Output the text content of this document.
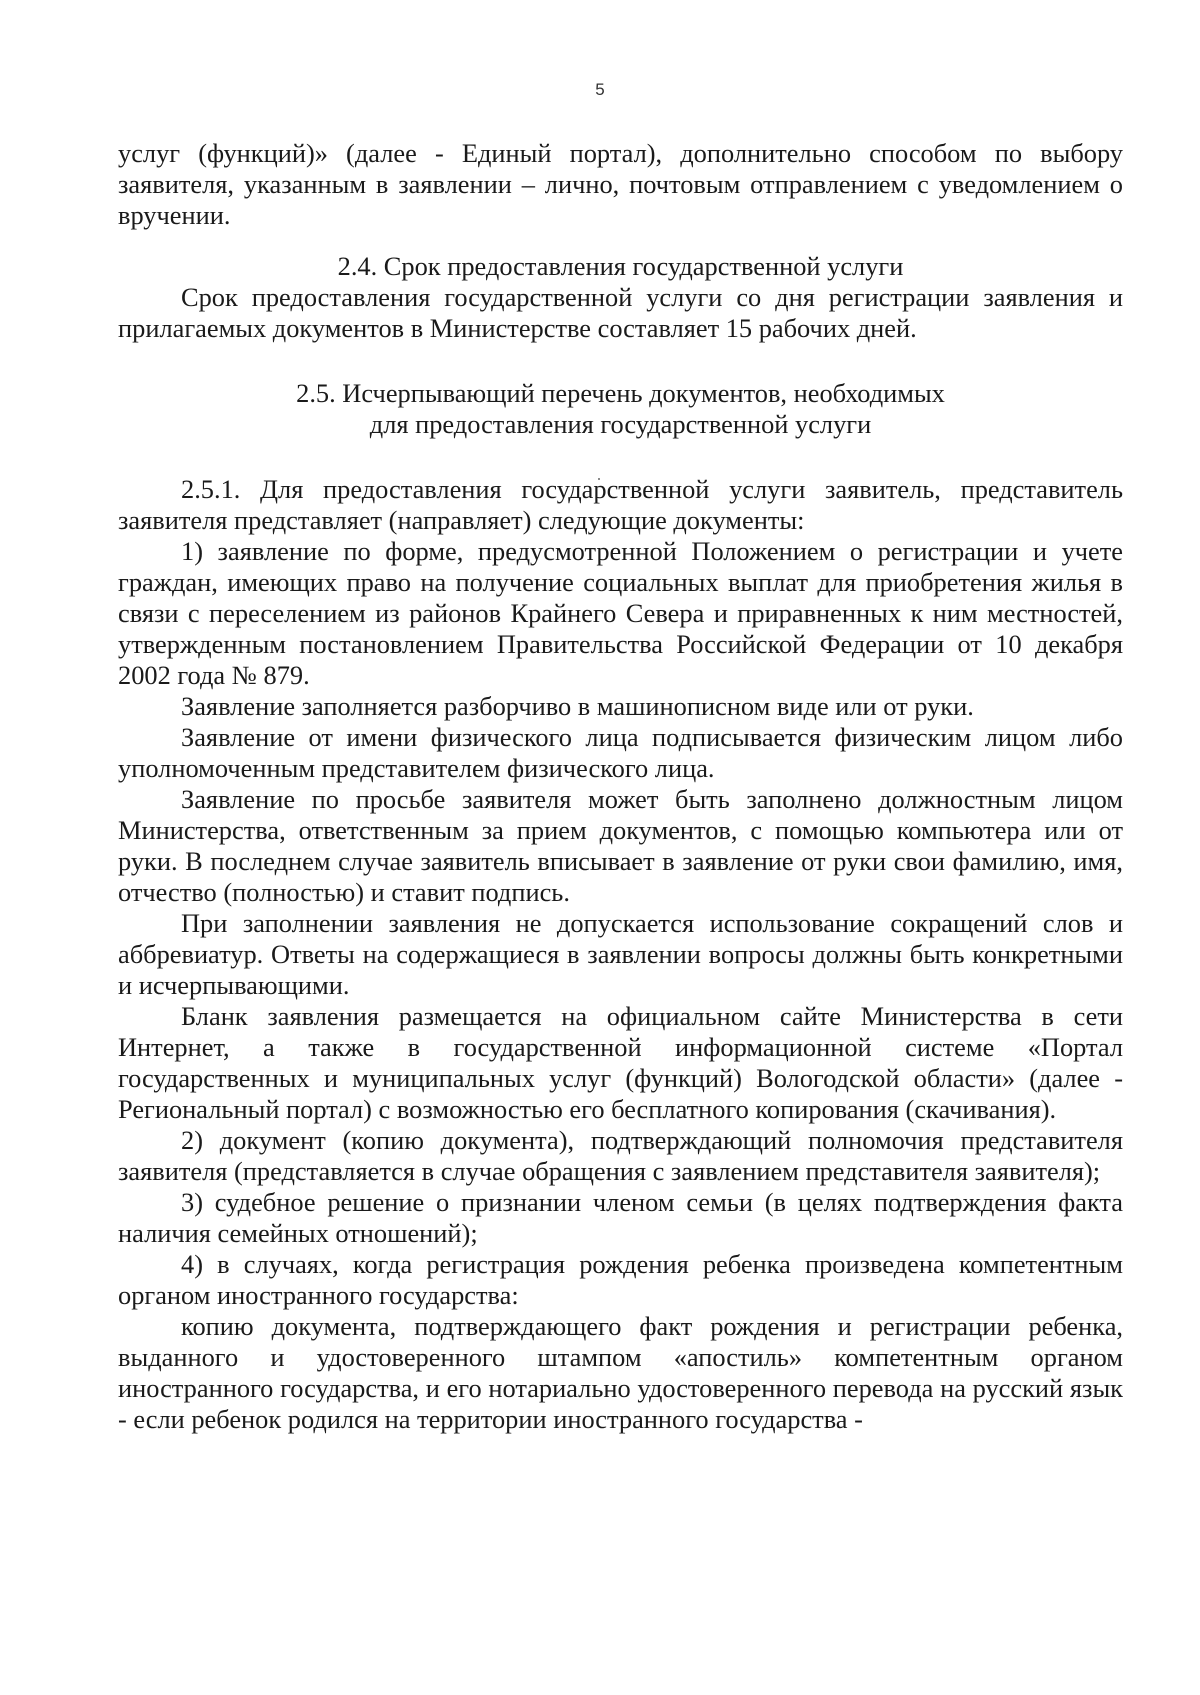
5

услуг (функций)» (далее - Единый портал), дополнительно способом по выбору заявителя, указанным в заявлении – лично, почтовым отправлением с уведомлением о вручении.

2.4. Срок предоставления государственной услуги

Срок предоставления государственной услуги со дня регистрации заявления и прилагаемых документов в Министерстве составляет 15 рабочих дней.

2.5. Исчерпывающий перечень документов, необходимых

для предоставления государственной услуги

2.5.1. Для предоставления государственной услуги заявитель, представитель заявителя представляет (направляет) следующие документы:

1) заявление по форме, предусмотренной Положением о регистрации и учете граждан, имеющих право на получение социальных выплат для приобретения жилья в связи с переселением из районов Крайнего Севера и приравненных к ним местностей, утвержденным постановлением Правительства Российской Федерации от 10 декабря 2002 года № 879.

Заявление заполняется разборчиво в машинописном виде или от руки.

Заявление от имени физического лица подписывается физическим лицом либо уполномоченным представителем физического лица.

Заявление по просьбе заявителя может быть заполнено должностным лицом Министерства, ответственным за прием документов, с помощью компьютера или от руки. В последнем случае заявитель вписывает в заявление от руки свои фамилию, имя, отчество (полностью) и ставит подпись.

При заполнении заявления не допускается использование сокращений слов и аббревиатур. Ответы на содержащиеся в заявлении вопросы должны быть конкретными и исчерпывающими.

Бланк заявления размещается на официальном сайте Министерства в сети Интернет, а также в государственной информационной системе «Портал государственных и муниципальных услуг (функций) Вологодской области» (далее - Региональный портал) с возможностью его бесплатного копирования (скачивания).

2) документ (копию документа), подтверждающий полномочия представителя заявителя (представляется в случае обращения с заявлением представителя заявителя);

3) судебное решение о признании членом семьи (в целях подтверждения факта наличия семейных отношений);

4) в случаях, когда регистрация рождения ребенка произведена компетентным органом иностранного государства:

копию документа, подтверждающего факт рождения и регистрации ребенка, выданного и удостоверенного штампом «апостиль» компетентным органом иностранного государства, и его нотариально удостоверенного перевода на русский язык - если ребенок родился на территории иностранного государства -
